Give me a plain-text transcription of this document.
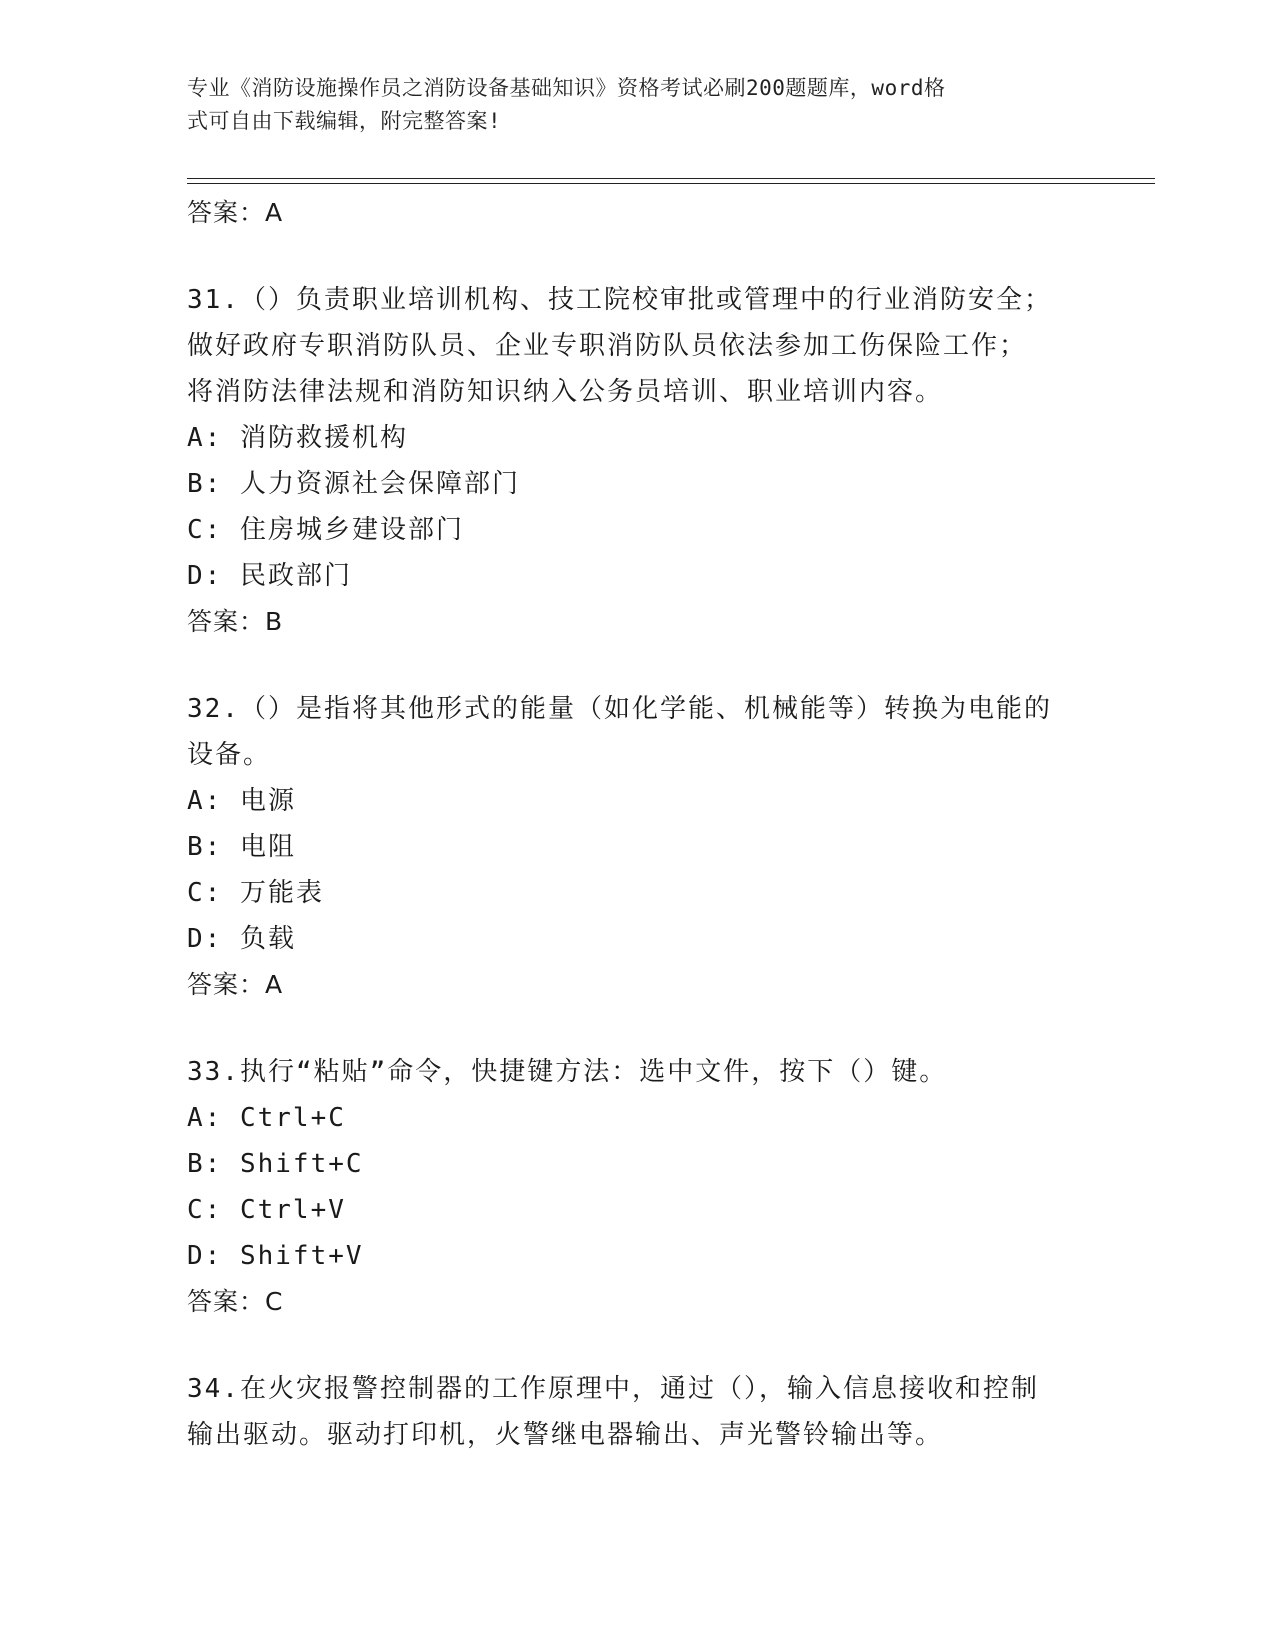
专业《消防设施操作员之消防设备基础知识》资格考试必刷200题题库，word格
式可自由下载编辑，附完整答案!
答案：A
31.（）负责职业培训机构、技工院校审批或管理中的行业消防安全；
做好政府专职消防队员、企业专职消防队员依法参加工伤保险工作；
将消防法律法规和消防知识纳入公务员培训、职业培训内容。
A: 消防救援机构
B: 人力资源社会保障部门
C: 住房城乡建设部门
D: 民政部门
答案：B
32.（）是指将其他形式的能量（如化学能、机械能等）转换为电能的
设备。
A: 电源
B: 电阻
C: 万能表
D: 负载
答案：A
33.执行“粘贴”命令，快捷键方法：选中文件，按下（）键。
A: Ctrl+C
B: Shift+C
C: Ctrl+V
D: Shift+V
答案：C
34.在火灾报警控制器的工作原理中，通过（），输入信息接收和控制
输出驱动。驱动打印机，火警继电器输出、声光警铃输出等。
